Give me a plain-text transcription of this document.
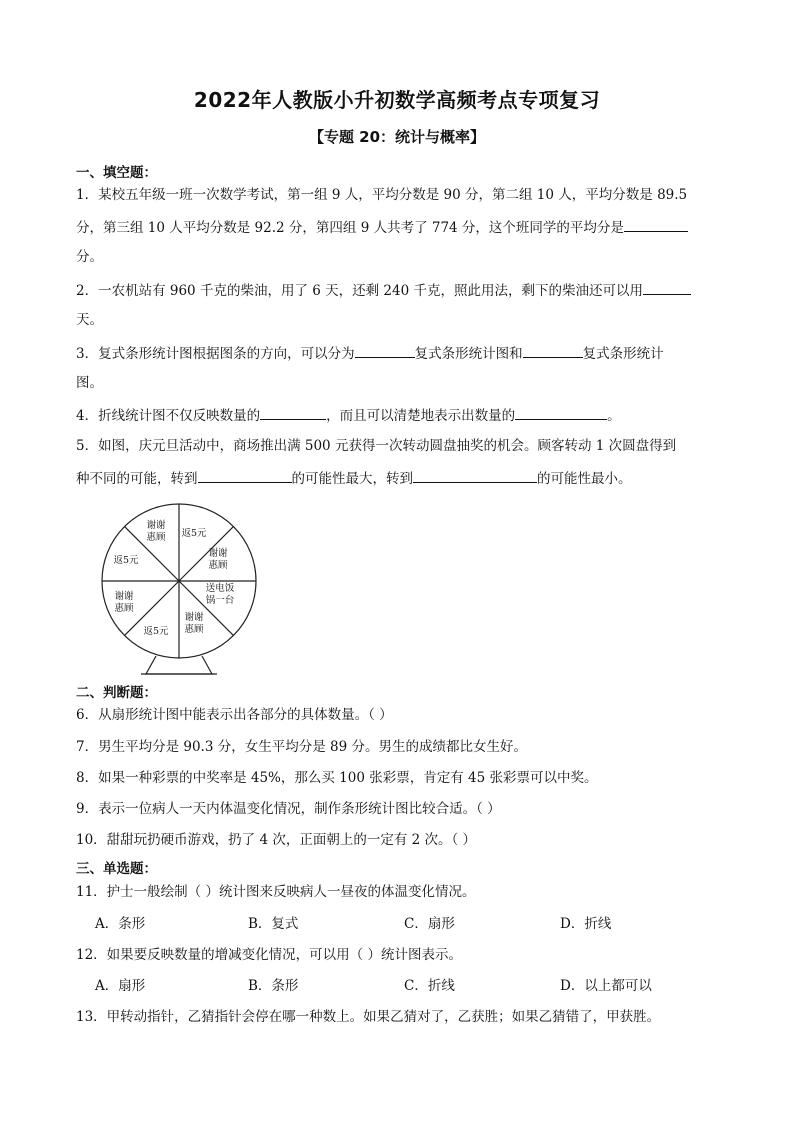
2022年人教版小升初数学高频考点专项复习
【专题 20：统计与概率】
一、填空题：
1．某校五年级一班一次数学考试，第一组 9 人，平均分数是 90 分，第二组 10 人，平均分数是 89.5
分，第三组 10 人平均分数是 92.2 分，第四组 9 人共考了 774 分，这个班同学的平均分是
分。
2．一农机站有 960 千克的柴油，用了 6 天，还剩 240 千克，照此用法，剩下的柴油还可以用
天。
3．复式条形统计图根据图条的方向，可以分为	复式条形统计图和	复式条形统计
图。
4．折线统计图不仅反映数量的	，而且可以清楚地表示出数量的	。
5．如图，庆元旦活动中，商场推出满 500 元获得一次转动圆盘抽奖的机会。顾客转动 1 次圆盘得到
种不同的可能，转到	的可能性最大，转到	的可能性最小。
谢谢
惠顾 返5元
谢谢
惠顾
送电饭
锅一台
谢谢
惠顾
返5元
谢谢
惠顾
返5元
二、判断题：
6．从扇形统计图中能表示出各部分的具体数量。（ ）
7．男生平均分是 90.3 分，女生平均分是 89 分。男生的成绩都比女生好。
8．如果一种彩票的中奖率是 45%，那么买 100 张彩票，肯定有 45 张彩票可以中奖。
9．表示一位病人一天内体温变化情况，制作条形统计图比较合适。（ ）
10．甜甜玩扔硬币游戏，扔了 4 次，正面朝上的一定有 2 次。（ ）
三、单选题：
11．护士一般绘制（ ）统计图来反映病人一昼夜的体温变化情况。
A．条形	B．复式	C．扇形	D．折线
12．如果要反映数量的增减变化情况，可以用（ ）统计图表示。
A．扇形	B．条形	C．折线	D．以上都可以
13．甲转动指针，乙猜指针会停在哪一种数上。如果乙猜对了，乙获胜；如果乙猜错了，甲获胜。
